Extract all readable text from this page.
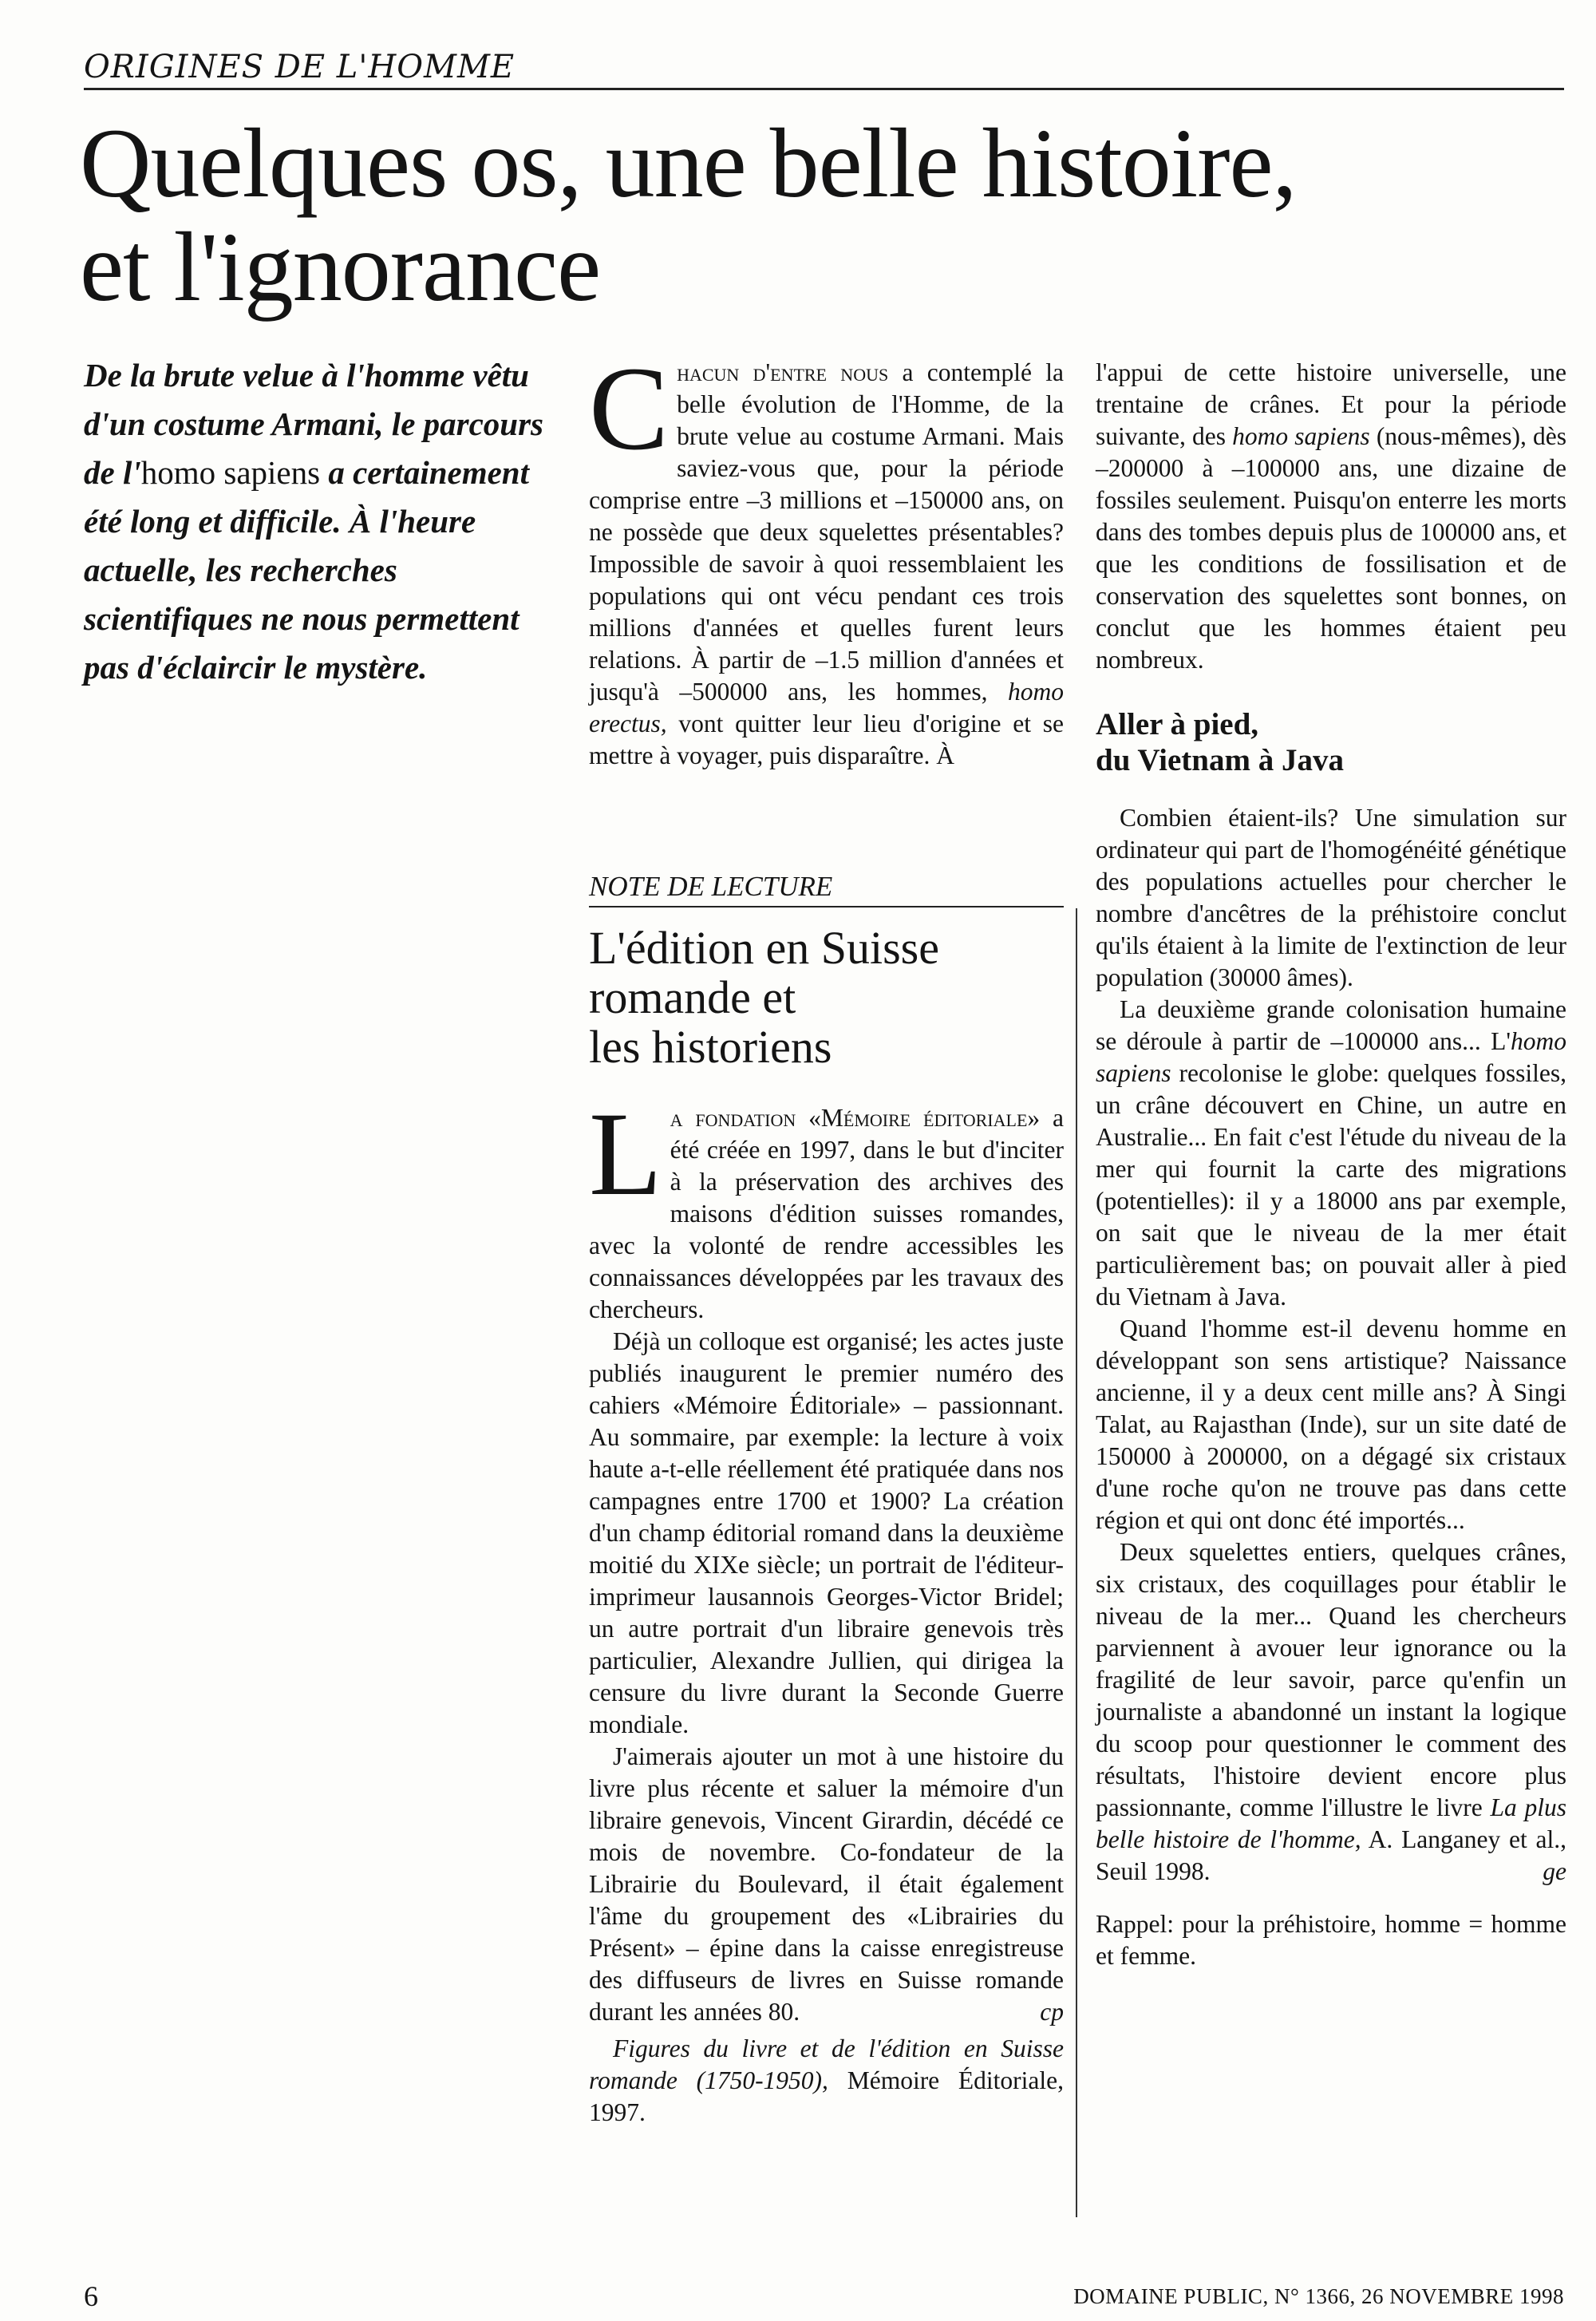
ORIGINES DE L'HOMME
Quelques os, une belle histoire,
et l'ignorance
De la brute velue à l'homme vêtu d'un costume Armani, le parcours de l'homo sapiens a certainement été long et difficile. À l'heure actuelle, les recherches scientifiques ne nous permettent pas d'éclaircir le mystère.

Chacun d'entre nous a contemplé la belle évolution de l'Homme, de la brute velue au costume Armani. Mais saviez-vous que, pour la période comprise entre –3 millions et –150000 ans, on ne possède que deux squelettes présentables? Impossible de savoir à quoi ressemblaient les populations qui ont vécu pendant ces trois millions d'années et quelles furent leurs relations. À partir de –1.5 million d'années et jusqu'à –500000 ans, les hommes, homo erectus, vont quitter leur lieu d'origine et se mettre à voyager, puis disparaître. À

NOTE DE LECTURE
L'édition en Suisse
romande et
les historiens

La fondation «Mémoire éditoriale» a été créée en 1997, dans le but d'inciter à la préservation des archives des maisons d'édition suisses romandes, avec la volonté de rendre accessibles les connaissances développées par les travaux des chercheurs.

Déjà un colloque est organisé; les actes juste publiés inaugurent le premier numéro des cahiers «Mémoire Éditoriale» – passionnant. Au sommaire, par exemple: la lecture à voix haute a-t-elle réellement été pratiquée dans nos campagnes entre 1700 et 1900? La création d'un champ éditorial romand dans la deuxième moitié du XIXe siècle; un portrait de l'éditeur-imprimeur lausannois Georges-Victor Bridel; un autre portrait d'un libraire genevois très particulier, Alexandre Jullien, qui dirigea la censure du livre durant la Seconde Guerre mondiale.

J'aimerais ajouter un mot à une histoire du livre plus récente et saluer la mémoire d'un libraire genevois, Vincent Girardin, décédé ce mois de novembre. Co-fondateur de la Librairie du Boulevard, il était également l'âme du groupement des «Librairies du Présent» – épine dans la caisse enregistreuse des diffuseurs de livres en Suisse romande durant les années 80.	cp

Figures du livre et de l'édition en Suisse romande (1750-1950), Mémoire Éditoriale, 1997.

l'appui de cette histoire universelle, une trentaine de crânes. Et pour la période suivante, des homo sapiens (nous-mêmes), dès –200000 à –100000 ans, une dizaine de fossiles seulement. Puisqu'on enterre les morts dans des tombes depuis plus de 100000 ans, et que les conditions de fossilisation et de conservation des squelettes sont bonnes, on conclut que les hommes étaient peu nombreux.

Aller à pied,
du Vietnam à Java

Combien étaient-ils? Une simulation sur ordinateur qui part de l'homogénéité génétique des populations actuelles pour chercher le nombre d'ancêtres de la préhistoire conclut qu'ils étaient à la limite de l'extinction de leur population (30000 âmes).

La deuxième grande colonisation humaine se déroule à partir de –100000 ans... L'homo sapiens recolonise le globe: quelques fossiles, un crâne découvert en Chine, un autre en Australie... En fait c'est l'étude du niveau de la mer qui fournit la carte des migrations (potentielles): il y a 18000 ans par exemple, on sait que le niveau de la mer était particulièrement bas; on pouvait aller à pied du Vietnam à Java.

Quand l'homme est-il devenu homme en développant son sens artistique? Naissance ancienne, il y a deux cent mille ans? À Singi Talat, au Rajasthan (Inde), sur un site daté de 150000 à 200000, on a dégagé six cristaux d'une roche qu'on ne trouve pas dans cette région et qui ont donc été importés...

Deux squelettes entiers, quelques crânes, six cristaux, des coquillages pour établir le niveau de la mer... Quand les chercheurs parviennent à avouer leur ignorance ou la fragilité de leur savoir, parce qu'enfin un journaliste a abandonné un instant la logique du scoop pour questionner le comment des résultats, l'histoire devient encore plus passionnante, comme l'illustre le livre La plus belle histoire de l'homme, A. Langaney et al., Seuil 1998.	ge

Rappel: pour la préhistoire, homme = homme et femme.

6	DOMAINE PUBLIC, N° 1366, 26 NOVEMBRE 1998
